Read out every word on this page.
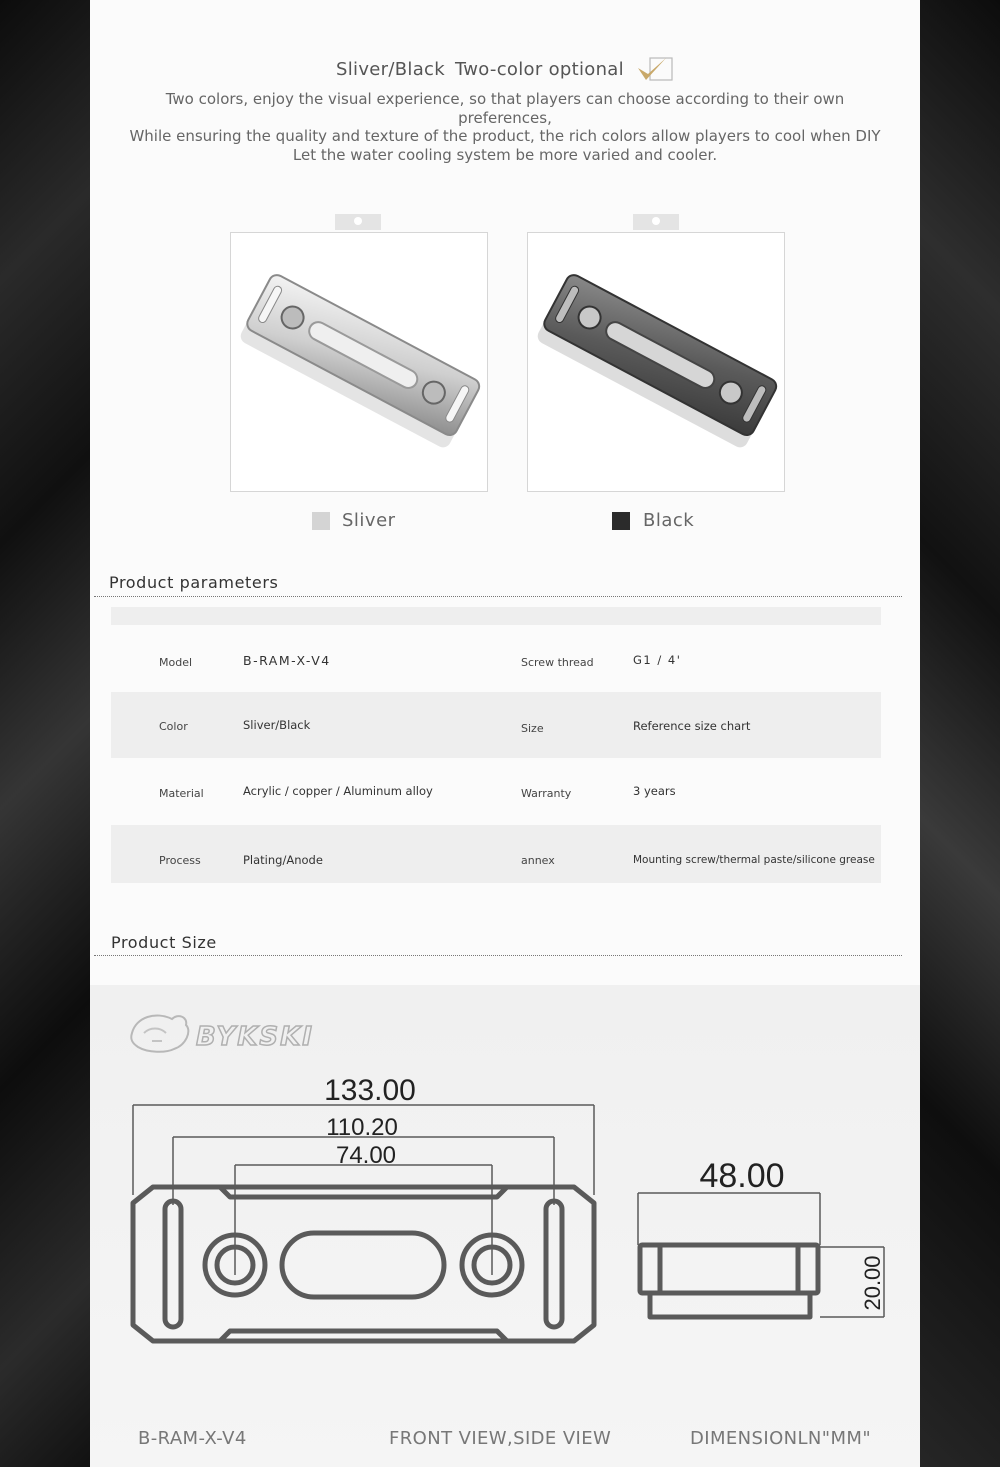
Sliver/Black Two-color optional
Two colors, enjoy the visual experience, so that players can choose according to their own
preferences,
While ensuring the quality and texture of the product, the rich colors allow players to cool when DIY
Let the water cooling system be more varied and cooler.
Sliver	Black
Product parameters
Model	B-RAM-X-V4	Screw thread	G1 / 4'
Color	Sliver/Black	Size	Reference size chart
Material	Acrylic / copper / Aluminum alloy	Warranty	3 years
Process	Plating/Anode	annex	Mounting screw/thermal paste/silicone grease
Product Size
BYKSKI
133.00
110.20
74.00
48.00
20.00
B-RAM-X-V4	FRONT VIEW,SIDE VIEW	DIMENSIONLN"MM"
